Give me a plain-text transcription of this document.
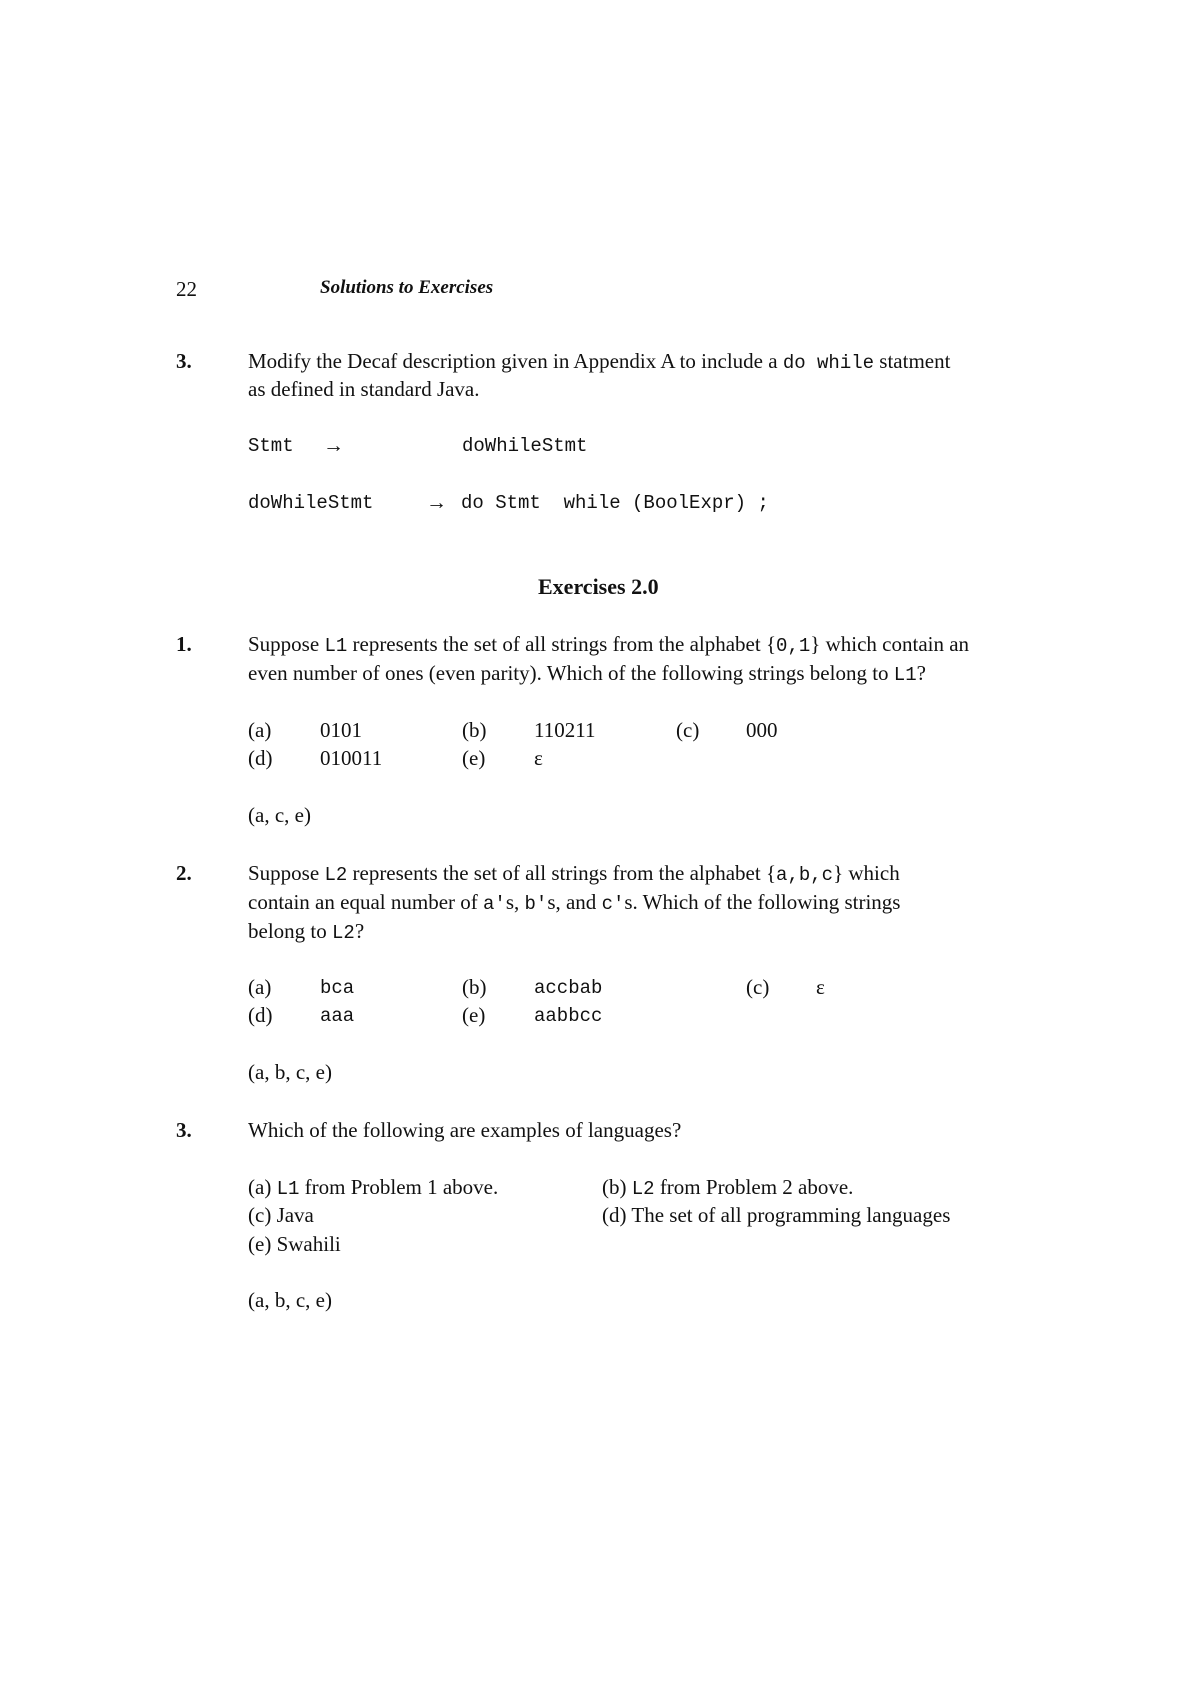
22	Solutions to Exercises
3.	Modify the Decaf description given in Appendix A to include a do while statment
as defined in standard Java.
Stmt →	doWhileStmt
doWhileStmt	→ do Stmt  while (BoolExpr) ;
Exercises 2.0
1.	Suppose L1 represents the set of all strings from the alphabet {0,1} which contain an
even number of ones (even parity). Which of the following strings belong to L1?
(a) 0101	(b) 110211	(c) 000
(d) 010011	(e) ε
(a, c, e)
2.	Suppose L2 represents the set of all strings from the alphabet {a,b,c} which
contain an equal number of a's, b's, and c's. Which of the following strings
belong to L2?
(a)	bca	(b)	accbab	(c) ε
(d)	aaa	(e)	aabbcc
(a, b, c, e)
3.	Which of the following are examples of languages?
(a) L1 from Problem 1 above.	(b) L2 from Problem 2 above.
(c) Java	(d) The set of all programming languages
(e) Swahili
(a, b, c, e)
